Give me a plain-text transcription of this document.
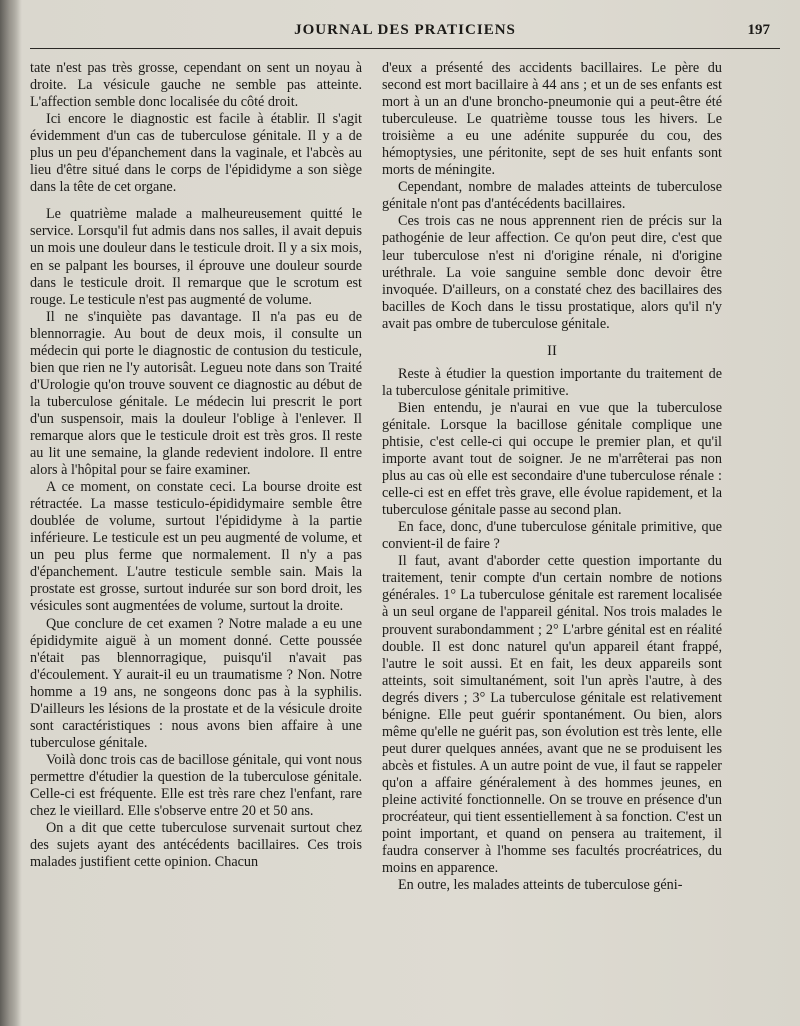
JOURNAL DES PRATICIENS	197

tate n'est pas très grosse, cependant on sent un noyau à droite. La vésicule gauche ne semble pas atteinte. L'affection semble donc localisée du côté droit.

Ici encore le diagnostic est facile à établir. Il s'agit évidemment d'un cas de tuberculose génitale. Il y a de plus un peu d'épanchement dans la vaginale, et l'abcès au lieu d'être situé dans le corps de l'épididyme a son siège dans la tête de cet organe.

Le quatrième malade a malheureusement quitté le service. Lorsqu'il fut admis dans nos salles, il avait depuis un mois une douleur dans le testicule droit. Il y a six mois, en se palpant les bourses, il éprouve une douleur sourde dans le testicule droit. Il remarque que le scrotum est rouge. Le testicule n'est pas augmenté de volume.

Il ne s'inquiète pas davantage. Il n'a pas eu de blennorragie. Au bout de deux mois, il consulte un médecin qui porte le diagnostic de contusion du testicule, bien que rien ne l'y autorisât. Legueu note dans son Traité d'Urologie qu'on trouve souvent ce diagnostic au début de la tuberculose génitale. Le médecin lui prescrit le port d'un suspensoir, mais la douleur l'oblige à l'enlever. Il remarque alors que le testicule droit est très gros. Il reste au lit une semaine, la glande redevient indolore. Il entre alors à l'hôpital pour se faire examiner.

A ce moment, on constate ceci. La bourse droite est rétractée. La masse testiculo-épididymaire semble être doublée de volume, surtout l'épididyme à la partie inférieure. Le testicule est un peu augmenté de volume, et un peu plus ferme que normalement. Il n'y a pas d'épanchement. L'autre testicule semble sain. Mais la prostate est grosse, surtout indurée sur son bord droit, les vésicules sont augmentées de volume, surtout la droite.

Que conclure de cet examen ? Notre malade a eu une épididymite aiguë à un moment donné. Cette poussée n'était pas blennorragique, puisqu'il n'avait pas d'écoulement. Y aurait-il eu un traumatisme ? Non. Notre homme a 19 ans, ne songeons donc pas à la syphilis. D'ailleurs les lésions de la prostate et de la vésicule droite sont caractéristiques : nous avons bien affaire à une tuberculose génitale.

Voilà donc trois cas de bacillose génitale, qui vont nous permettre d'étudier la question de la tuberculose génitale. Celle-ci est fréquente. Elle est très rare chez l'enfant, rare chez le vieillard. Elle s'observe entre 20 et 50 ans.

On a dit que cette tuberculose survenait surtout chez des sujets ayant des antécédents bacillaires. Ces trois malades justifient cette opinion. Chacun

d'eux a présenté des accidents bacillaires. Le père du second est mort bacillaire à 44 ans ; et un de ses enfants est mort à un an d'une broncho-pneumonie qui a peut-être été tuberculeuse. Le quatrième tousse tous les hivers. Le troisième a eu une adénite suppurée du cou, des hémoptysies, une péritonite, sept de ses huit enfants sont morts de méningite.

Cependant, nombre de malades atteints de tuberculose génitale n'ont pas d'antécédents bacillaires.

Ces trois cas ne nous apprennent rien de précis sur la pathogénie de leur affection. Ce qu'on peut dire, c'est que leur tuberculose n'est ni d'origine rénale, ni d'origine uréthrale. La voie sanguine semble donc devoir être invoquée. D'ailleurs, on a constaté chez des bacillaires des bacilles de Koch dans le tissu prostatique, alors qu'il n'y avait pas ombre de tuberculose génitale.

II

Reste à étudier la question importante du traitement de la tuberculose génitale primitive.

Bien entendu, je n'aurai en vue que la tuberculose génitale. Lorsque la bacillose génitale complique une phtisie, c'est celle-ci qui occupe le premier plan, et qu'il importe avant tout de soigner. Je ne m'arrêterai pas non plus au cas où elle est secondaire d'une tuberculose rénale : celle-ci est en effet très grave, elle évolue rapidement, et la tuberculose génitale passe au second plan.

En face, donc, d'une tuberculose génitale primitive, que convient-il de faire ?

Il faut, avant d'aborder cette question importante du traitement, tenir compte d'un certain nombre de notions générales. 1° La tuberculose génitale est rarement localisée à un seul organe de l'appareil génital. Nos trois malades le prouvent surabondamment ; 2° L'arbre génital est en réalité double. Il est donc naturel qu'un appareil étant frappé, l'autre le soit aussi. Et en fait, les deux appareils sont atteints, soit simultanément, soit l'un après l'autre, à des degrés divers ; 3° La tuberculose génitale est relativement bénigne. Elle peut guérir spontanément. Ou bien, alors même qu'elle ne guérit pas, son évolution est très lente, elle peut durer quelques années, avant que ne se produisent les abcès et fistules. A un autre point de vue, il faut se rappeler qu'on a affaire généralement à des hommes jeunes, en pleine activité fonctionnelle. On se trouve en présence d'un procréateur, qui tient essentiellement à sa fonction. C'est un point important, et quand on pensera au traitement, il faudra conserver à l'homme ses facultés procréatrices, du moins en apparence.

En outre, les malades atteints de tuberculose géni-
